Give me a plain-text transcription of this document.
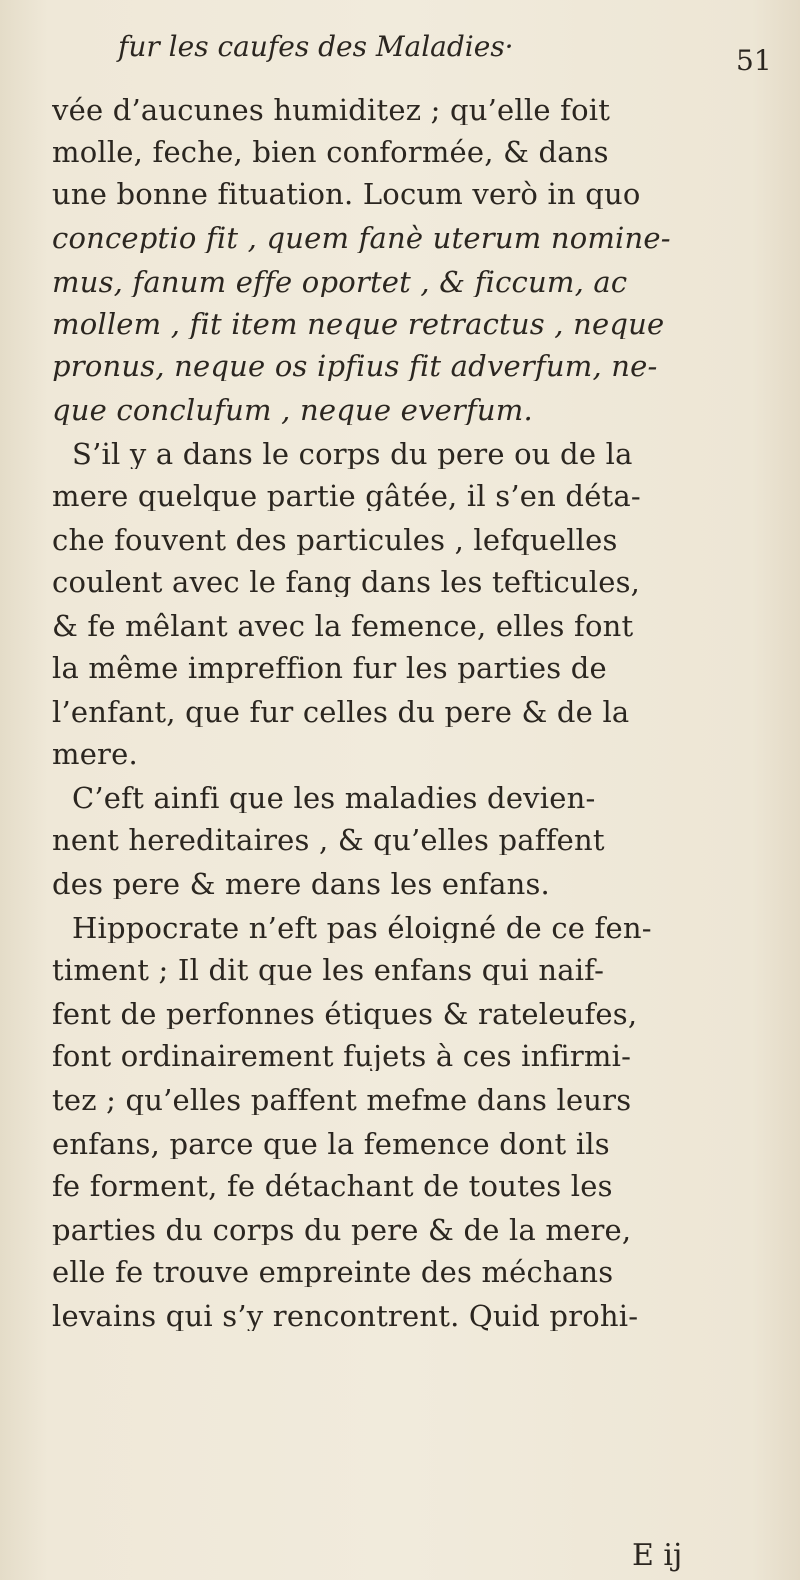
fur les caufes des Maladies·	51
vée d’aucunes humiditez ; qu’elle foit
molle, feche, bien conformée, & dans
une bonne fituation. Locum verò in quo
conceptio fit , quem fanè uterum nomine-
mus, fanum effe oportet , & ficcum, ac
mollem , fit item neque retractus , neque
pronus, neque os ipfius fit adverfum, ne-
que conclufum , neque everfum.
S’il y a dans le corps du pere ou de la
mere quelque partie gâtée, il s’en déta-
che fouvent des particules , lefquelles
coulent avec le fang dans les tefticules,
& fe mêlant avec la femence, elles font
la même impreffion fur les parties de
l’enfant, que fur celles du pere & de la
mere.
C’eft ainfi que les maladies devien-
nent hereditaires , & qu’elles paffent
des pere & mere dans les enfans.
Hippocrate n’eft pas éloigné de ce fen-
timent ; Il dit que les enfans qui naif-
fent de perfonnes étiques & rateleufes,
font ordinairement fujets à ces infirmi-
tez ; qu’elles paffent mefme dans leurs
enfans, parce que la femence dont ils
fe forment, fe détachant de toutes les
parties du corps du pere & de la mere,
elle fe trouve empreinte des méchans
levains qui s’y rencontrent. Quid prohi-
E ij
